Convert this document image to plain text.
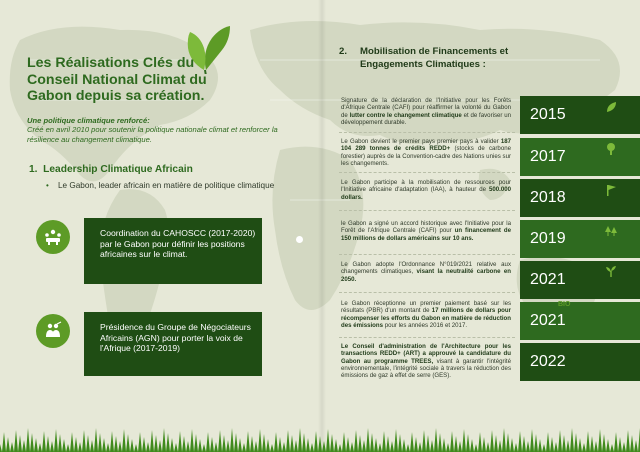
Les Réalisations Clés du Conseil National Climat du Gabon depuis sa création.
Une politique climatique renforcé:
Créé en avril 2010 pour soutenir la politique nationale climat et renforcer la résilience au changement climatique.
1. Leadership Climatique Africain
•	Le Gabon, leader africain en matière de politique climatique
Coordination du CAHOSCC (2017-2020) par le Gabon pour définir les positions africaines sur le climat.
Présidence du Groupe de Négociateurs Africains (AGN) pour porter la voix de l'Afrique (2017-2019)
2. Mobilisation de Financements et Engagements Climatiques :
Signature de la déclaration de l'Initiative pour les Forêts d'Afrique Centrale (CAFI) pour réaffirmer la volonté du Gabon de lutter contre le changement climatique et de favoriser un développement durable.
Le Gabon devient le premier pays premier pays à valider 187 104 289 tonnes de crédits REDD+ (stocks de carbone forestier) auprès de la Convention-cadre des Nations unies sur les changements.
Le Gabon participe à la mobilisation de ressources pour l'Initiative africaine d'adaptation (IAA), à hauteur de 500.000 dollars.
le Gabon a signé un accord historique avec l'Initiative pour la Forêt de l'Afrique Centrale (CAFI) pour un financement de 150 millions de dollars américains sur 10 ans.
Le Gabon adopte l'Ordonnance N°019/2021 relative aux changements climatiques, visant la neutralité carbone en 2050.
Le Gabon réceptionne un premier paiement basé sur les résultats (PBR) d'un montant de 17 millions de dollars pour récompenser les efforts du Gabon en matière de réduction des émissions pour les années 2016 et 2017.
Le Conseil d'administration de l'Architecture pour les transactions REDD+ (ART) a approuvé la candidature du Gabon au programme TREES, visant à garantir l'intégrité environnementale, l'intégrité sociale à travers la réduction des émissions de gaz à effet de serre (GES).
2015
2017
2018
2019
2021
2021
BIO
2022
